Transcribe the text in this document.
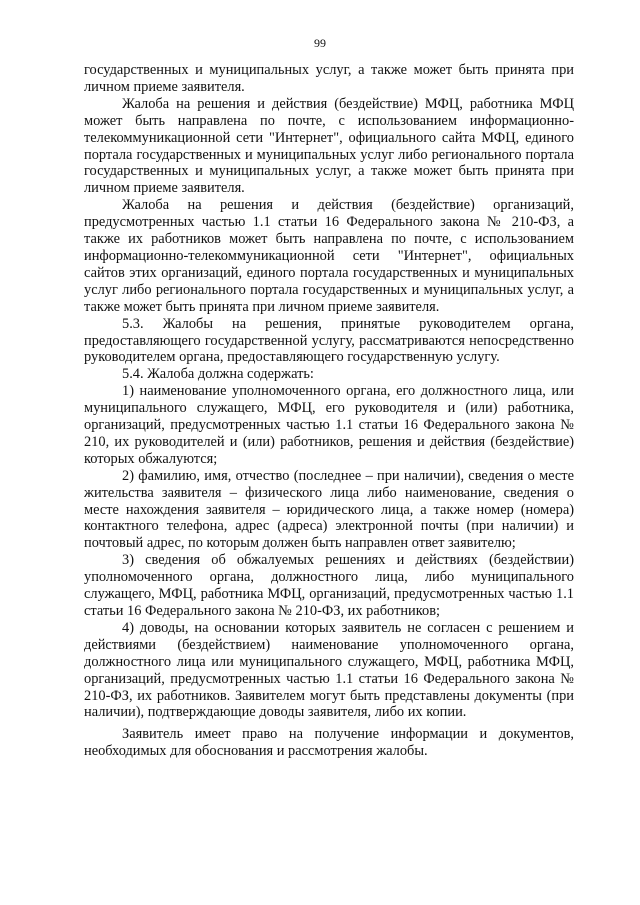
99

государственных и муниципальных услуг, а также может быть принята при личном приеме заявителя.

Жалоба на решения и действия (бездействие) МФЦ, работника МФЦ может быть направлена по почте, с использованием информационно-телекоммуникационной сети "Интернет", официального сайта МФЦ, единого портала государственных и муниципальных услуг либо регионального портала государственных и муниципальных услуг, а также может быть принята при личном приеме заявителя.

Жалоба на решения и действия (бездействие) организаций, предусмотренных частью 1.1 статьи 16 Федерального закона № 210-ФЗ, а также их работников может быть направлена по почте, с использованием информационно-телекоммуникационной сети "Интернет", официальных сайтов этих организаций, единого портала государственных и муниципальных услуг либо регионального портала государственных и муниципальных услуг, а также может быть принята при личном приеме заявителя.

5.3. Жалобы на решения, принятые руководителем органа, предоставляющего государственной услугу, рассматриваются непосредственно руководителем органа, предоставляющего государственную услугу.

5.4. Жалоба должна содержать:

1) наименование уполномоченного органа, его должностного лица, или муниципального служащего, МФЦ, его руководителя и (или) работника, организаций, предусмотренных частью 1.1 статьи 16 Федерального закона № 210, их руководителей и (или) работников, решения и действия (бездействие) которых обжалуются;

2) фамилию, имя, отчество (последнее – при наличии), сведения о месте жительства заявителя – физического лица либо наименование, сведения о месте нахождения заявителя – юридического лица, а также номер (номера) контактного телефона, адрес (адреса) электронной почты (при наличии) и почтовый адрес, по которым должен быть направлен ответ заявителю;

3) сведения об обжалуемых решениях и действиях (бездействии) уполномоченного органа, должностного лица, либо муниципального служащего, МФЦ, работника МФЦ, организаций, предусмотренных частью 1.1 статьи 16 Федерального закона № 210-ФЗ, их работников;

4) доводы, на основании которых заявитель не согласен с решением и действиями (бездействием) наименование уполномоченного органа, должностного лица или муниципального служащего, МФЦ, работника МФЦ, организаций, предусмотренных частью 1.1 статьи 16 Федерального закона № 210-ФЗ, их работников. Заявителем могут быть представлены документы (при наличии), подтверждающие доводы заявителя, либо их копии.

Заявитель имеет право на получение информации и документов, необходимых для обоснования и рассмотрения жалобы.
